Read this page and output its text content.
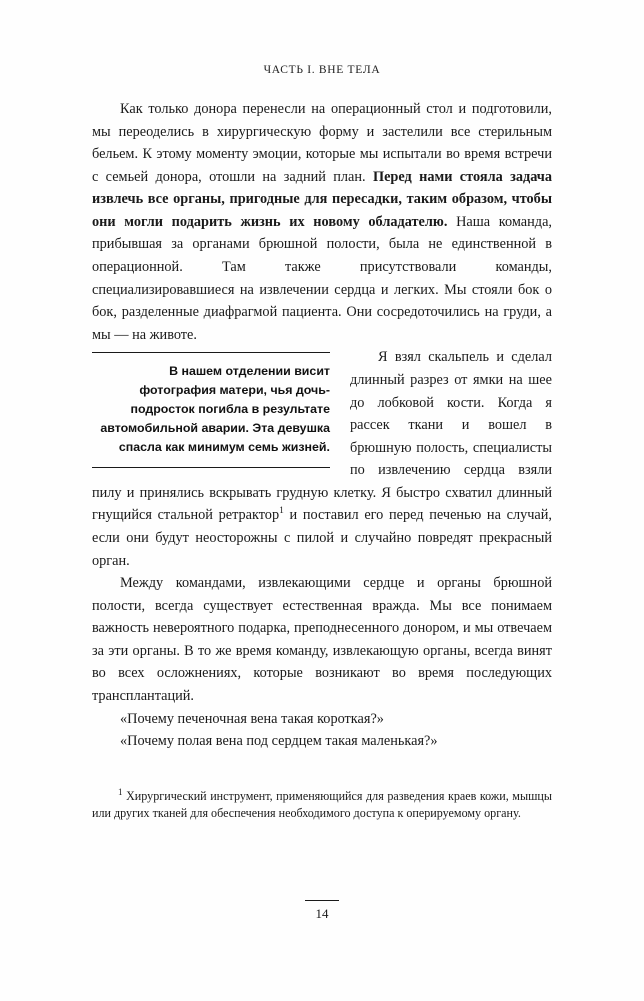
ЧАСТЬ I. ВНЕ ТЕЛА

Как только донора перенесли на операционный стол и подготовили, мы переоделись в хирургическую форму и застелили все стерильным бельем. К этому моменту эмоции, которые мы испытали во время встречи с семьей донора, отошли на задний план. Перед нами стояла задача извлечь все органы, пригодные для пересадки, таким образом, чтобы они могли подарить жизнь их новому обладателю. Наша команда, прибывшая за органами брюшной полости, была не единственной в операционной. Там также присутствовали команды, специализировавшиеся на извлечении сердца и легких. Мы стояли бок о бок, разделенные диафрагмой пациента. Они сосредоточились на груди, а мы — на животе.

В нашем отделении висит фотография матери, чья дочь-подросток погибла в результате автомобильной аварии. Эта девушка спасла как минимум семь жизней.
Я взял скальпель и сделал длинный разрез от ямки на шее до лобковой кости. Когда я рассек ткани и вошел в брюшную полость, специалисты по извлечению сердца взяли пилу и принялись вскрывать грудную клетку. Я быстро схватил длинный гнущийся стальной ретрактор$^1$ и поставил его перед печенью на случай, если они будут неосторожны с пилой и случайно повредят прекрасный орган.

Между командами, извлекающими сердце и органы брюшной полости, всегда существует естественная вражда. Мы все понимаем важность невероятного подарка, преподнесенного донором, и мы отвечаем за эти органы. В то же время команду, извлекающую органы, всегда винят во всех осложнениях, которые возникают во время последующих трансплантаций.

«Почему печеночная вена такая короткая?»

«Почему полая вена под сердцем такая маленькая?»

$^1$ Хирургический инструмент, применяющийся для разведения краев кожи, мышцы или других тканей для обеспечения необходимого доступа к оперируемому органу.

14
